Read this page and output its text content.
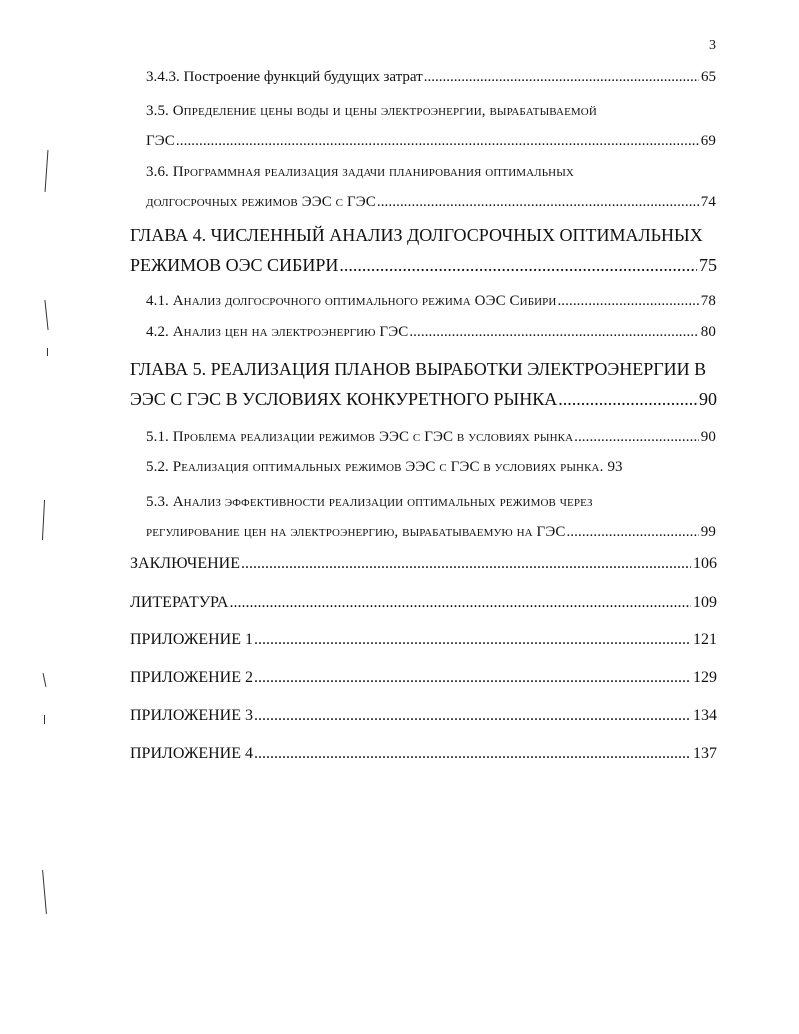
3
3.4.3. Построение функций будущих затрат .....	65
3.5. Определение цены воды и цены электроэнергии, вырабатываемой
ГЭС .....	69
3.6. Программная реализация задачи планирования оптимальных
долгосрочных режимов ЭЭС с ГЭС .....	74
ГЛАВА 4. ЧИСЛЕННЫЙ АНАЛИЗ ДОЛГОСРОЧНЫХ ОПТИМАЛЬНЫХ
РЕЖИМОВ ОЭС СИБИРИ .....	75
4.1. Анализ долгосрочного оптимального режима ОЭС Сибири .....	78
4.2. Анализ цен на электроэнергию ГЭС .....	80
ГЛАВА 5. РЕАЛИЗАЦИЯ ПЛАНОВ ВЫРАБОТКИ ЭЛЕКТРОЭНЕРГИИ В
ЭЭС С ГЭС В УСЛОВИЯХ КОНКУРЕТНОГО РЫНКА .....	90
5.1. Проблема реализации режимов ЭЭС с ГЭС в условиях рынка .....	90
5.2. Реализация оптимальных режимов ЭЭС с ГЭС в условиях рынка. 93
5.3. Анализ эффективности реализации оптимальных режимов через
регулирование цен на электроэнергию, вырабатываемую на ГЭС .....	99
ЗАКЛЮЧЕНИЕ .....	106
ЛИТЕРАТУРА .....	109
ПРИЛОЖЕНИЕ 1 .....	121
ПРИЛОЖЕНИЕ 2 .....	129
ПРИЛОЖЕНИЕ 3 .....	134
ПРИЛОЖЕНИЕ 4 .....	137
